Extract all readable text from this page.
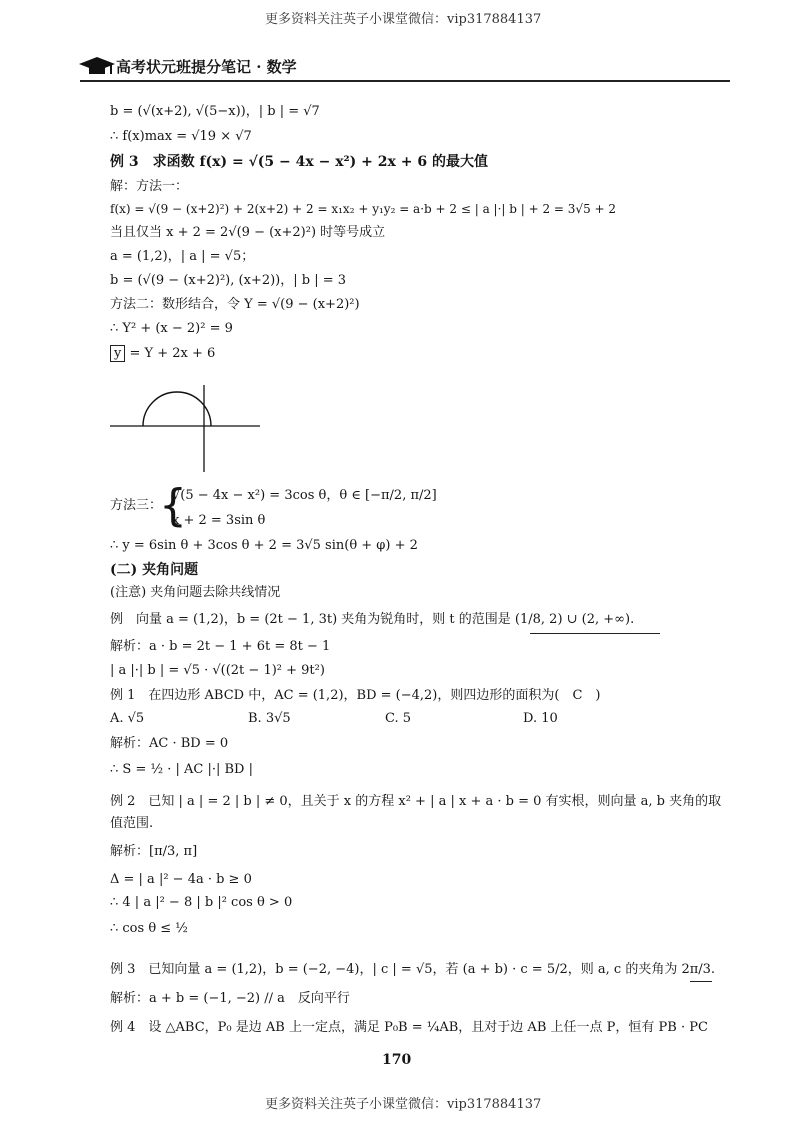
更多资料关注英子小课堂微信：vip317884137
高考状元班提分笔记 · 数学
b = (√(x+2), √(5−x))，| b | = √7
∴ f(x)max = √19 × √7
例 3　求函数 f(x) = √(5 − 4x − x²) + 2x + 6 的最大值
解：方法一：
f(x) = √(9 − (x+2)²) + 2(x+2) + 2 = x₁x₂ + y₁y₂ = a·b + 2 ≤ | a |·| b | + 2 = 3√5 + 2
当且仅当 x + 2 = 2√(9 − (x+2)²) 时等号成立
a = (1,2)，| a | = √5；
b = (√(9 − (x+2)²), (x+2))，| b | = 3
方法二：数形结合，令 Y = √(9 − (x+2)²)
∴ Y² + (x − 2)² = 9
y = Y + 2x + 6
方法三：
{
√(5 − 4x − x²) = 3cos θ，θ ∈ [−π/2, π/2]
x + 2 = 3sin θ
∴ y = 6sin θ + 3cos θ + 2 = 3√5 sin(θ + φ) + 2
(二) 夹角问题
(注意) 夹角问题去除共线情况
例　向量 a = (1,2)，b = (2t − 1, 3t) 夹角为锐角时，则 t 的范围是 (1/8, 2) ∪ (2, +∞).
解析：a · b = 2t − 1 + 6t = 8t − 1
| a |·| b | = √5 · √((2t − 1)² + 9t²)
例 1　在四边形 ABCD 中，AC = (1,2)，BD = (−4,2)，则四边形的面积为(　C　)
A. √5	B. 3√5	C. 5	D. 10
解析：AC · BD = 0
∴ S = ½ · | AC |·| BD |
例 2　已知 | a | = 2 | b | ≠ 0，且关于 x 的方程 x² + | a | x + a · b = 0 有实根，则向量 a, b 夹角的取
值范围.
解析：[π/3, π]
Δ = | a |² − 4a · b ≥ 0
∴ 4 | a |² − 8 | b |² cos θ > 0
∴ cos θ ≤ ½
例 3　已知向量 a = (1,2)，b = (−2, −4)，| c | = √5，若 (a + b) · c = 5/2，则 a, c 的夹角为 2π/3.
解析：a + b = (−1, −2) // a　反向平行
例 4　设 △ABC，P₀ 是边 AB 上一定点，满足 P₀B = ¼AB，且对于边 AB 上任一点 P，恒有 PB · PC
170
更多资料关注英子小课堂微信：vip317884137
